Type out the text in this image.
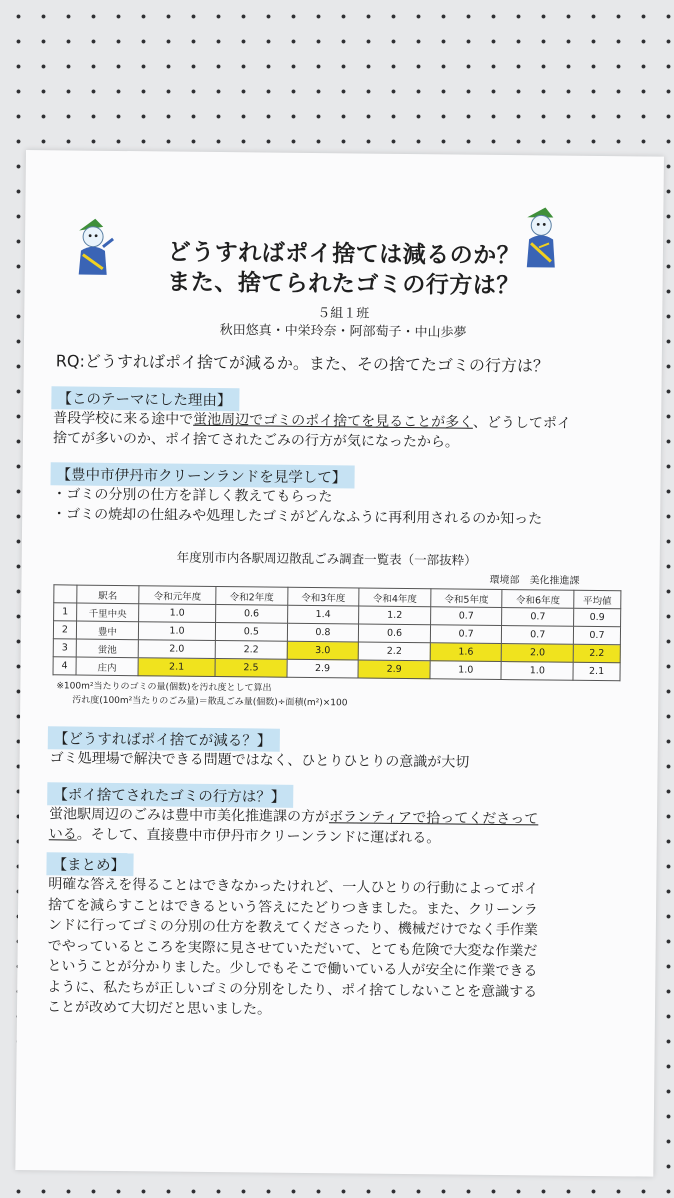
どうすればポイ捨ては減るのか？
また、捨てられたゴミの行方は？
５組１班
秋田悠真・中栄玲奈・阿部萄子・中山歩夢
RQ:どうすればポイ捨てが減るか。また、その捨てたゴミの行方は？
【このテーマにした理由】
普段学校に来る途中で蛍池周辺でゴミのポイ捨てを見ることが多く、どうしてポイ
捨てが多いのか、ポイ捨てされたごみの行方が気になったから。
【豊中市伊丹市クリーンランドを見学して】
・ゴミの分別の仕方を詳しく教えてもらった
・ゴミの焼却の仕組みや処理したゴミがどんなふうに再利用されるのか知った
年度別市内各駅周辺散乱ごみ調査一覧表（一部抜粋）
環境部　美化推進課
	駅名	令和元年度	令和2年度	令和3年度	令和4年度	令和5年度	令和6年度	平均値
1	千里中央	1.0	0.6	1.4	1.2	0.7	0.7	0.9
2	豊中	1.0	0.5	0.8	0.6	0.7	0.7	0.7
3	蛍池	2.0	2.2	3.0	2.2	1.6	2.0	2.2
4	庄内	2.1	2.5	2.9	2.9	1.0	1.0	2.1
※100m²当たりのゴミの量(個数)を汚れ度として算出
汚れ度(100m²当たりのごみ量)＝散乱ごみ量(個数)÷面積(m²)×100
【どうすればポイ捨てが減る？】
ゴミ処理場で解決できる問題ではなく、ひとりひとりの意識が大切
【ポイ捨てされたゴミの行方は？】
蛍池駅周辺のごみは豊中市美化推進課の方がボランティアで拾ってくださって
いる。そして、直接豊中市伊丹市クリーンランドに運ばれる。
【まとめ】
明確な答えを得ることはできなかったけれど、一人ひとりの行動によってポイ
捨てを減らすことはできるという答えにたどりつきました。また、クリーンラ
ンドに行ってゴミの分別の仕方を教えてくださったり、機械だけでなく手作業
でやっているところを実際に見させていただいて、とても危険で大変な作業だ
ということが分かりました。少しでもそこで働いている人が安全に作業できる
ように、私たちが正しいゴミの分別をしたり、ポイ捨てしないことを意識する
ことが改めて大切だと思いました。
